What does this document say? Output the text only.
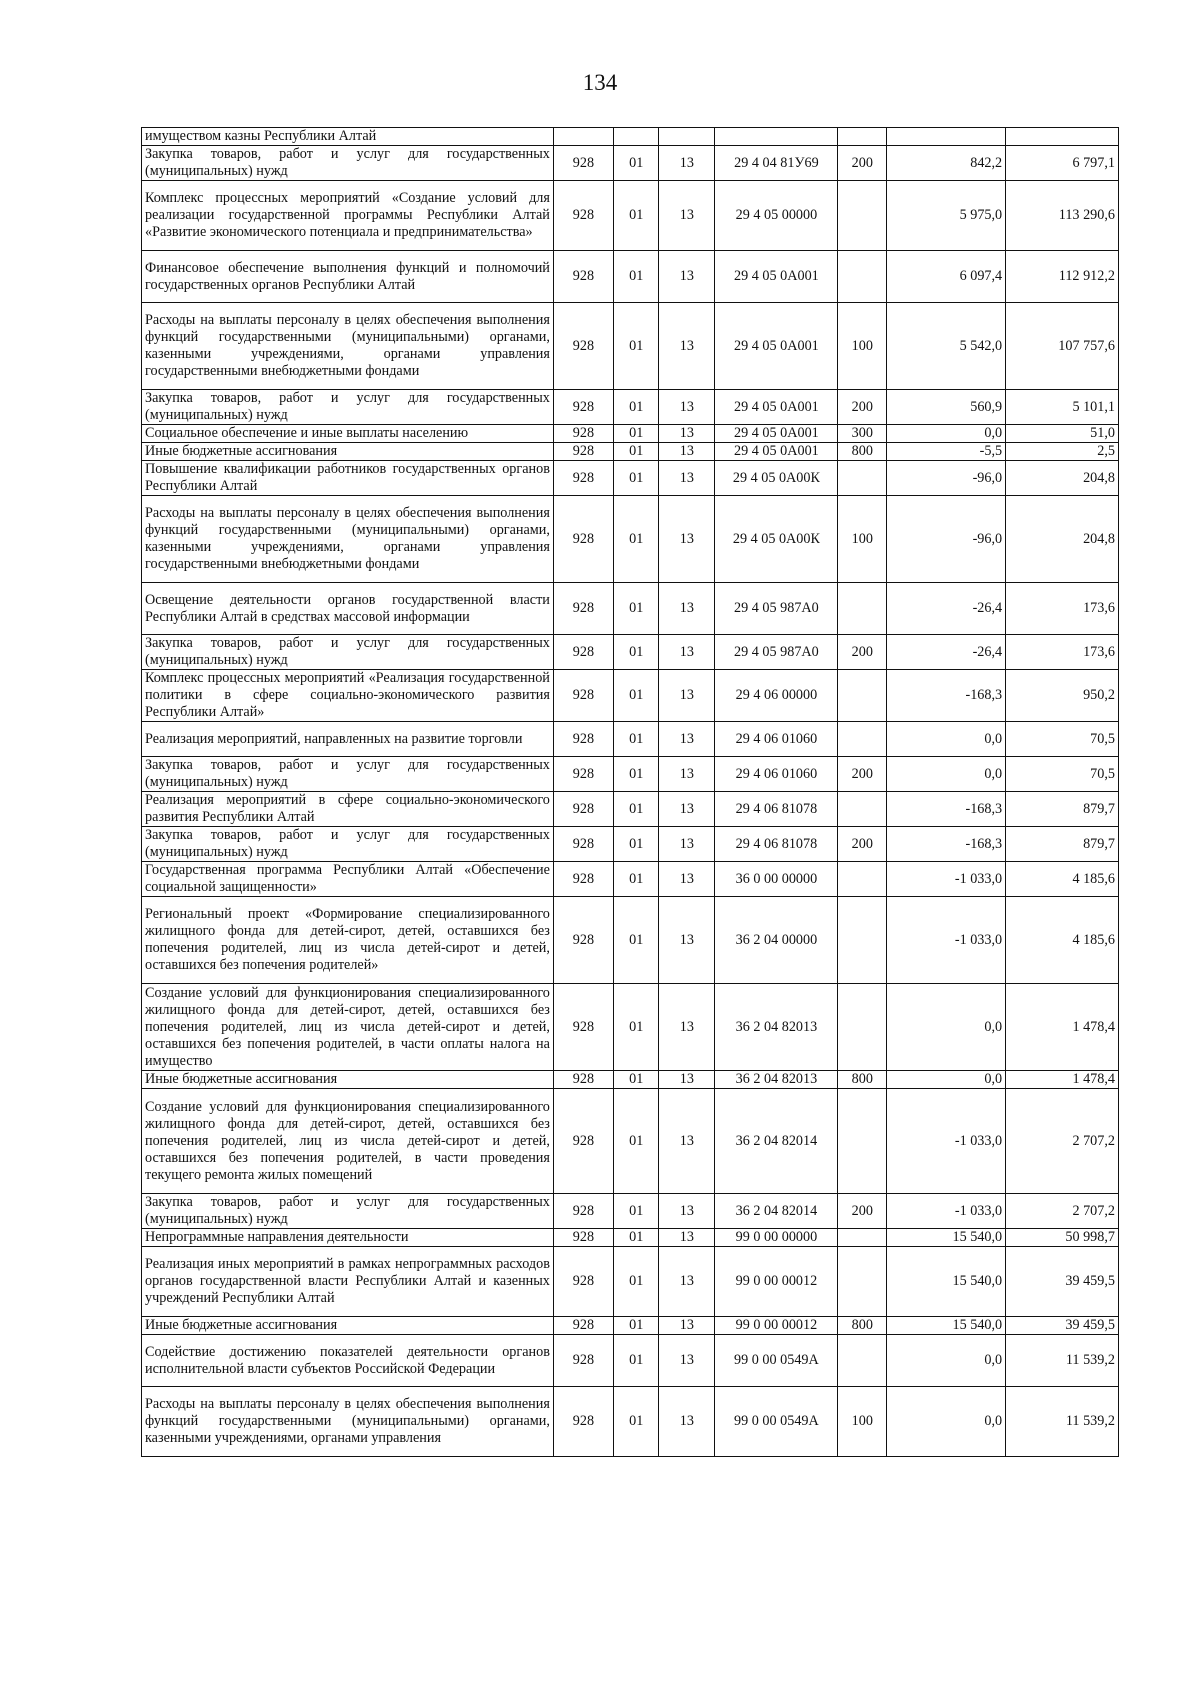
134
имуществом казны Республики Алтай							
Закупка товаров, работ и услуг для государственных (муниципальных) нужд	928	01	13	29 4 04 81У69	200	842,2	6 797,1
Комплекс процессных мероприятий «Создание условий для реализации государственной программы Республики Алтай «Развитие экономического потенциала и предпринимательства»	928	01	13	29 4 05 00000		5 975,0	113 290,6
Финансовое обеспечение выполнения функций и полномочий государственных органов Республики Алтай	928	01	13	29 4 05 0А001		6 097,4	112 912,2
Расходы на выплаты персоналу в целях обеспечения выполнения функций государственными (муниципальными) органами, казенными учреждениями, органами управления государственными внебюджетными фондами	928	01	13	29 4 05 0А001	100	5 542,0	107 757,6
Закупка товаров, работ и услуг для государственных (муниципальных) нужд	928	01	13	29 4 05 0А001	200	560,9	5 101,1
Социальное обеспечение и иные выплаты населению	928	01	13	29 4 05 0А001	300	0,0	51,0
Иные бюджетные ассигнования	928	01	13	29 4 05 0А001	800	-5,5	2,5
Повышение квалификации работников государственных органов Республики Алтай	928	01	13	29 4 05 0А00К		-96,0	204,8
Расходы на выплаты персоналу в целях обеспечения выполнения функций государственными (муниципальными) органами, казенными учреждениями, органами управления государственными внебюджетными фондами	928	01	13	29 4 05 0А00К	100	-96,0	204,8
Освещение деятельности органов государственной власти Республики Алтай в средствах массовой информации	928	01	13	29 4 05 987А0		-26,4	173,6
Закупка товаров, работ и услуг для государственных (муниципальных) нужд	928	01	13	29 4 05 987А0	200	-26,4	173,6
Комплекс процессных мероприятий «Реализация государственной политики в сфере социально-экономического развития Республики Алтай»	928	01	13	29 4 06 00000		-168,3	950,2
Реализация мероприятий, направленных на развитие торговли	928	01	13	29 4 06 01060		0,0	70,5
Закупка товаров, работ и услуг для государственных (муниципальных) нужд	928	01	13	29 4 06 01060	200	0,0	70,5
Реализация мероприятий в сфере социально-экономического развития Республики Алтай	928	01	13	29 4 06 81078		-168,3	879,7
Закупка товаров, работ и услуг для государственных (муниципальных) нужд	928	01	13	29 4 06 81078	200	-168,3	879,7
Государственная программа Республики Алтай «Обеспечение социальной защищенности»	928	01	13	36 0 00 00000		-1 033,0	4 185,6
Региональный проект «Формирование специализированного жилищного фонда для детей-сирот, детей, оставшихся без попечения родителей, лиц из числа детей-сирот и детей, оставшихся без попечения родителей»	928	01	13	36 2 04 00000		-1 033,0	4 185,6
Создание условий для функционирования специализированного жилищного фонда для детей-сирот, детей, оставшихся без попечения родителей, лиц из числа детей-сирот и детей, оставшихся без попечения родителей, в части оплаты налога на имущество	928	01	13	36 2 04 82013		0,0	1 478,4
Иные бюджетные ассигнования	928	01	13	36 2 04 82013	800	0,0	1 478,4
Создание условий для функционирования специализированного жилищного фонда для детей-сирот, детей, оставшихся без попечения родителей, лиц из числа детей-сирот и детей, оставшихся без попечения родителей, в части проведения текущего ремонта жилых помещений	928	01	13	36 2 04 82014		-1 033,0	2 707,2
Закупка товаров, работ и услуг для государственных (муниципальных) нужд	928	01	13	36 2 04 82014	200	-1 033,0	2 707,2
Непрограммные направления деятельности	928	01	13	99 0 00 00000		15 540,0	50 998,7
Реализация иных мероприятий в рамках непрограммных расходов органов государственной власти Республики Алтай и казенных учреждений Республики Алтай	928	01	13	99 0 00 00012		15 540,0	39 459,5
Иные бюджетные ассигнования	928	01	13	99 0 00 00012	800	15 540,0	39 459,5
Содействие достижению показателей деятельности органов исполнительной власти субъектов Российской Федерации	928	01	13	99 0 00 0549А		0,0	11 539,2
Расходы на выплаты персоналу в целях обеспечения выполнения функций государственными (муниципальными) органами, казенными учреждениями, органами управления	928	01	13	99 0 00 0549А	100	0,0	11 539,2
